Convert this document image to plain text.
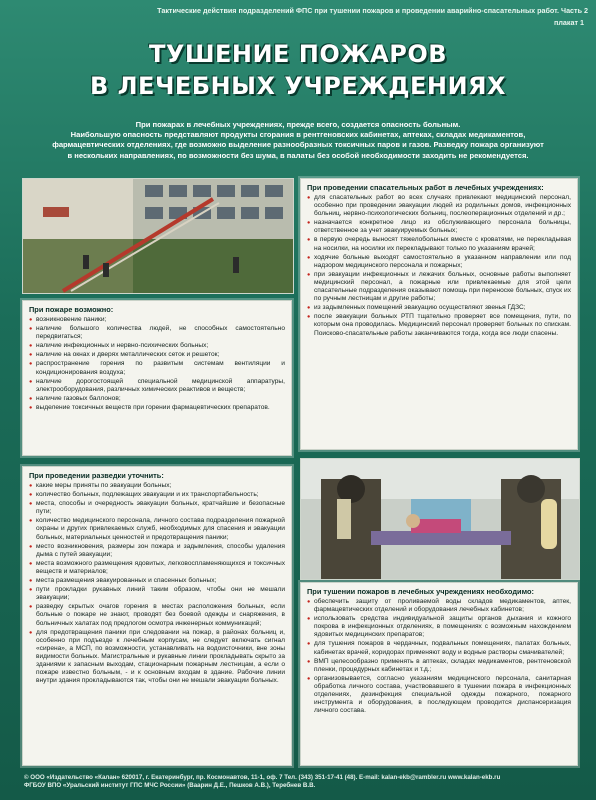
Тактические действия подразделений ФПС при тушении пожаров и проведении аварийно-спасательных работ. Часть 2
плакат 1
ТУШЕНИЕ ПОЖАРОВ
В ЛЕЧЕБНЫХ УЧРЕЖДЕНИЯХ
При пожарах в лечебных учреждениях, прежде всего, создается опасность больным.
Наибольшую опасность представляют продукты сгорания в рентгеновских кабинетах, аптеках, складах медикаментов,
фармацевтических отделениях, где возможно выделение разнообразных токсичных паров и газов. Разведку пожара организуют
в нескольких направлениях, по возможности без шума, в палаты без особой необходимости заходить не рекомендуется.
При пожаре возможно:
● возникновение паники;
● наличие большого количества людей, не способных самостоятельно передвигаться;
● наличие инфекционных и нервно-психических больных;
● наличие на окнах и дверях металлических сеток и решеток;
● распространение горения по развитым системам вентиляции и кондиционирования воздуха;
● наличие дорогостоящей специальной медицинской аппаратуры, электрооборудования, различных химических реактивов и веществ;
● наличие газовых баллонов;
● выделение токсичных веществ при горении фармацевтических препаратов.
При проведении спасательных работ в лечебных учреждениях:
● для спасательных работ во всех случаях привлекают медицинский персонал, особенно при проведении эвакуации людей из родильных домов, инфекционных больниц, нервно-психологических больниц, послеоперационных отделений и др.;
● назначается конкретное лицо из обслуживающего персонала больницы, ответственное за учет эвакуируемых больных;
● в первую очередь выносят тяжелобольных вместе с кроватями, не перекладывая на носилки, на носилки их перекладывают только по указаниям врачей;
● ходячие больные выходят самостоятельно в указанном направлении или под надзором медицинского персонала и пожарных;
● при эвакуации инфекционных и лежачих больных, основные работы выполняет медицинский персонал, а пожарные или привлекаемые для этой цели спасательные подразделения оказывают помощь при переноске больных, спуск их по ручным лестницам и другие работы;
● из задымленных помещений эвакуацию осуществляют звенья ГДЗС;
● после эвакуации больных РТП тщательно проверяет все помещения, пути, по которым она проводилась. Медицинский персонал проверяет больных по спискам. Поисково-спасательные работы заканчиваются тогда, когда все люди спасены.
При проведении разведки уточнить:
● какие меры приняты по эвакуации больных;
● количество больных, подлежащих эвакуации и их транспортабельность;
● места, способы и очередность эвакуации больных, кратчайшие и безопасные пути;
● количество медицинского персонала, личного состава подразделения пожарной охраны и других привлекаемых служб, необходимых для спасения и эвакуации больных, материальных ценностей и предотвращения паники;
● место возникновения, размеры зон пожара и задымления, способы удаления дыма с путей эвакуации;
● места возможного размещения ядовитых, легковоспламеняющихся и токсичных веществ и материалов;
● места размещения эвакуированных и спасенных больных;
● пути прокладки рукавных линий таким образом, чтобы они не мешали эвакуации;
● разведку скрытых очагов горения в местах расположения больных, если больные о пожаре не знают, проводят без боевой одежды и снаряжения, в больничных халатах под предлогом осмотра инженерных коммуникаций;
● для предотвращения паники при следовании на пожар, в районах больниц и, особенно при подъезде к лечебным корпусам, не следует включать сигнал «сирена», а МСП, по возможности, устанавливать на водоисточники, вне зоны видимости больных. Магистральные и рукавные линии прокладывать скрыто за зданиями к запасным выходам, стационарным пожарным лестницам, а если о пожаре известно больным, - и к основным входам в здание. Рабочие линии внутри здания прокладываются так, чтобы они не мешали эвакуации больных.
При тушении пожаров в лечебных учреждениях необходимо:
● обеспечить защиту от проливаемой воды складов медикаментов, аптек, фармацевтических отделений и оборудования лечебных кабинетов;
● использовать средства индивидуальной защиты органов дыхания и кожного покрова в инфекционных отделениях, в помещениях с возможным нахождением ядовитых медицинских препаратов;
● для тушения пожаров в чердачных, подвальных помещениях, палатах больных, кабинетах врачей, коридорах применяют воду и водные растворы смачивателей;
● ВМП целесообразно применять в аптеках, складах медикаментов, рентгеновской пленки, процедурных кабинетах и т.д.;
● организовывается, согласно указаниям медицинского персонала, санитарная обработка личного состава, участвовавшего в тушении пожара в инфекционных отделениях, дезинфекция специальной одежды пожарного, пожарного инструмента и оборудования, в последующем проводится диспансеризация личного состава.
© ООО «Издательство «Калан» 620017, г. Екатеринбург, пр. Космонавтов, 11-1, оф. 7 Тел. (343) 351-17-41 (48). E-mail: kalan-ekb@rambler.ru www.kalan-ekb.ru
ФГБОУ ВПО «Уральский институт ГПС МЧС России» (Ваарин Д.Е., Пешков А.В.), Теребнев В.В.
